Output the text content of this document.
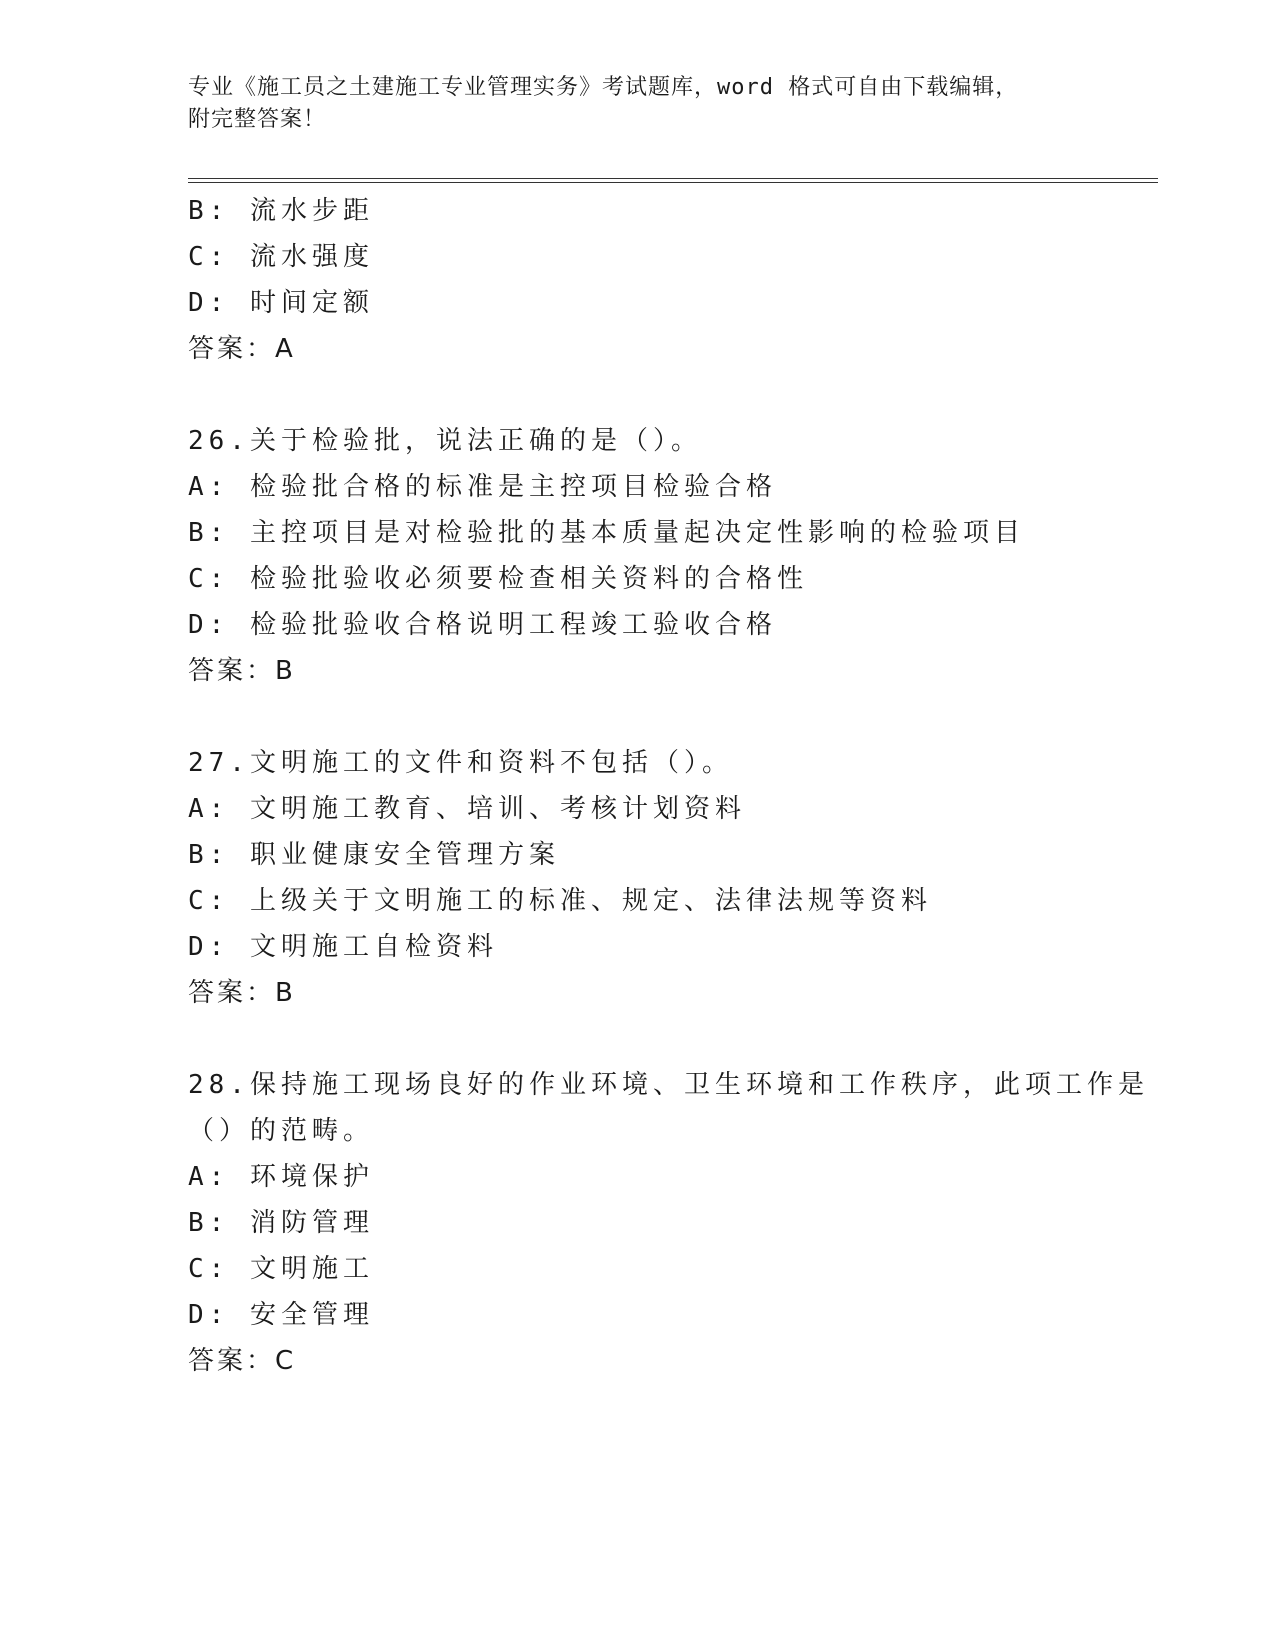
专业《施工员之土建施工专业管理实务》考试题库，word 格式可自由下载编辑，
附完整答案！
B: 流水步距
C: 流水强度
D: 时间定额
答案：A
26.关于检验批，说法正确的是（）。
A: 检验批合格的标准是主控项目检验合格
B: 主控项目是对检验批的基本质量起决定性影响的检验项目
C: 检验批验收必须要检查相关资料的合格性
D: 检验批验收合格说明工程竣工验收合格
答案：B
27.文明施工的文件和资料不包括（）。
A: 文明施工教育、培训、考核计划资料
B: 职业健康安全管理方案
C: 上级关于文明施工的标准、规定、法律法规等资料
D: 文明施工自检资料
答案：B
28.保持施工现场良好的作业环境、卫生环境和工作秩序，此项工作是
（）的范畴。
A: 环境保护
B: 消防管理
C: 文明施工
D: 安全管理
答案：C
